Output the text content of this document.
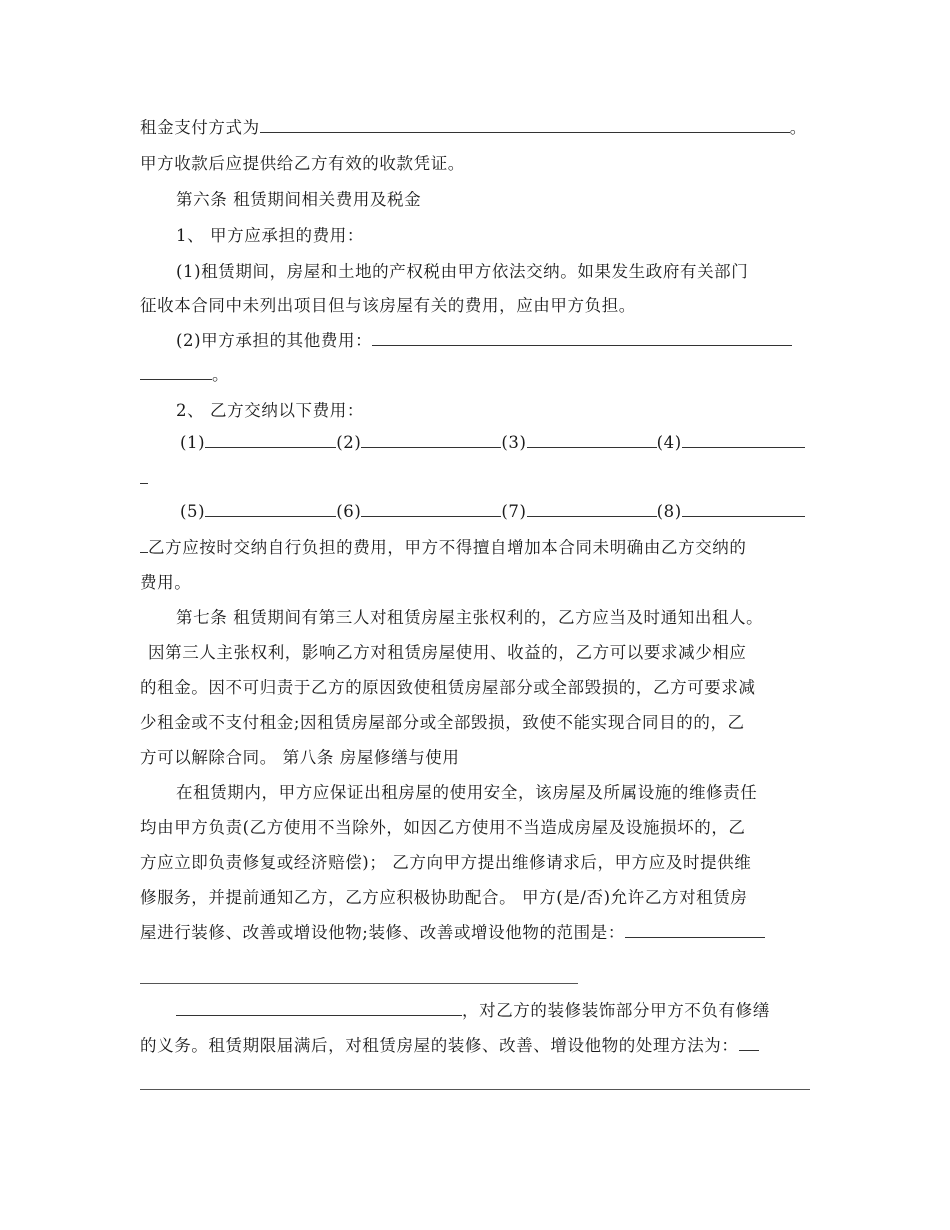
租金支付方式为	。
甲方收款后应提供给乙方有效的收款凭证。
第六条 租赁期间相关费用及税金
1、 甲方应承担的费用：
(1)租赁期间，房屋和土地的产权税由甲方依法交纳。如果发生政府有关部门
征收本合同中未列出项目但与该房屋有关的费用，应由甲方负担。
(2)甲方承担的其他费用：
。
2、 乙方交纳以下费用：
(1)	(2)	(3)	(4)
(5)	(6)	(7)	(8)
乙方应按时交纳自行负担的费用，甲方不得擅自增加本合同未明确由乙方交纳的
费用。
第七条 租赁期间有第三人对租赁房屋主张权利的，乙方应当及时通知出租人。
因第三人主张权利，影响乙方对租赁房屋使用、收益的，乙方可以要求减少相应
的租金。因不可归责于乙方的原因致使租赁房屋部分或全部毁损的，乙方可要求减
少租金或不支付租金;因租赁房屋部分或全部毁损，致使不能实现合同目的的，乙
方可以解除合同。 第八条 房屋修缮与使用
在租赁期内，甲方应保证出租房屋的使用安全，该房屋及所属设施的维修责任
均由甲方负责(乙方使用不当除外，如因乙方使用不当造成房屋及设施损坏的，乙
方应立即负责修复或经济赔偿)； 乙方向甲方提出维修请求后，甲方应及时提供维
修服务，并提前通知乙方，乙方应积极协助配合。 甲方(是/否)允许乙方对租赁房
屋进行装修、改善或增设他物;装修、改善或增设他物的范围是：
，对乙方的装修装饰部分甲方不负有修缮
的义务。租赁期限届满后，对租赁房屋的装修、改善、增设他物的处理方法为：
